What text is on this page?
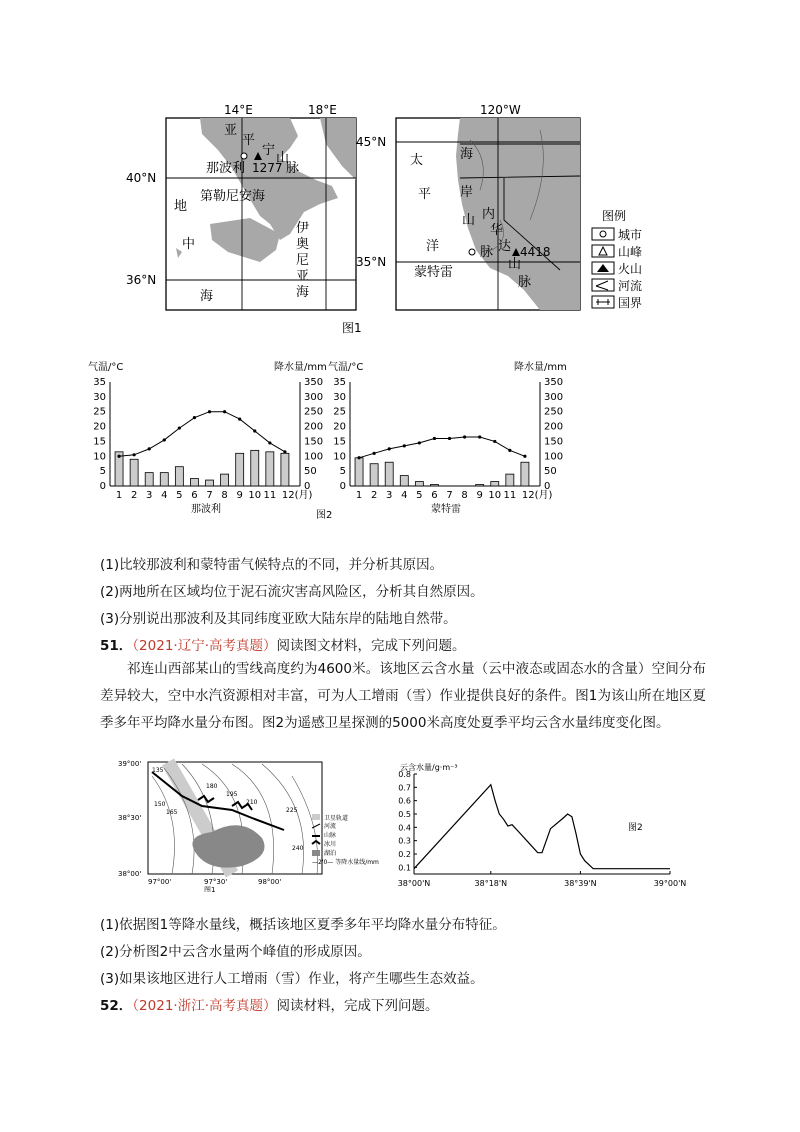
14°E	18°E
40°N
36°N
亚
平
宁
山
脉
那波利 1277
第勒尼安海
地
中
海
伊
奥
尼
亚
海
120°W
45°N
35°N
太
平
洋
海
岸
山
脉
内
华
达
山
脉
4418
蒙特雷
图例
城市
山峰
火山
河流
国界
图1
气温/°C	降水量/mm
0
5
10
15
20
25
30
35
0
50
100
150
200
250
300
350
1 2 3 4 5 6 7 8 9 10 11 12(月)
那波利
气温/°C	降水量/mm
0
5
10
15
20
25
30
35
0
50
100
150
200
250
300
350
1 2 3 4 5 6 7 8 9 10 11 12(月)
蒙特雷
图2
(1)比较那波利和蒙特雷气候特点的不同，并分析其原因。
(2)两地所在区域均位于泥石流灾害高风险区，分析其自然原因。
(3)分别说出那波利及其同纬度亚欧大陆东岸的陆地自然带。
51．（2021·辽宁·高考真题）阅读图文材料，完成下列问题。
祁连山西部某山的雪线高度约为4600米。该地区云含水量（云中液态或固态水的含量）空间分布差异较大，空中水汽资源相对丰富，可为人工增雨（雪）作业提供良好的条件。图1为该山所在地区夏季多年平均降水量分布图。图2为遥感卫星探测的5000米高度处夏季平均云含水量纬度变化图。
135
150
165
180
195
210
225
240
39°00'
38°30'
38°00'
97°00'	97°30'	98°00'
图1
卫星轨道
河流
山脉
冰川
湖泊
—2'0— 等降水量线/mm
云含水量/g·m⁻³
0.1
0.2
0.3
0.4
0.5
0.6
0.7
0.8
38°00'N	38°18'N	38°39'N	39°00'N
图2
(1)依据图1等降水量线，概括该地区夏季多年平均降水量分布特征。
(2)分析图2中云含水量两个峰值的形成原因。
(3)如果该地区进行人工增雨（雪）作业，将产生哪些生态效益。
52．（2021·浙江·高考真题）阅读材料，完成下列问题。
